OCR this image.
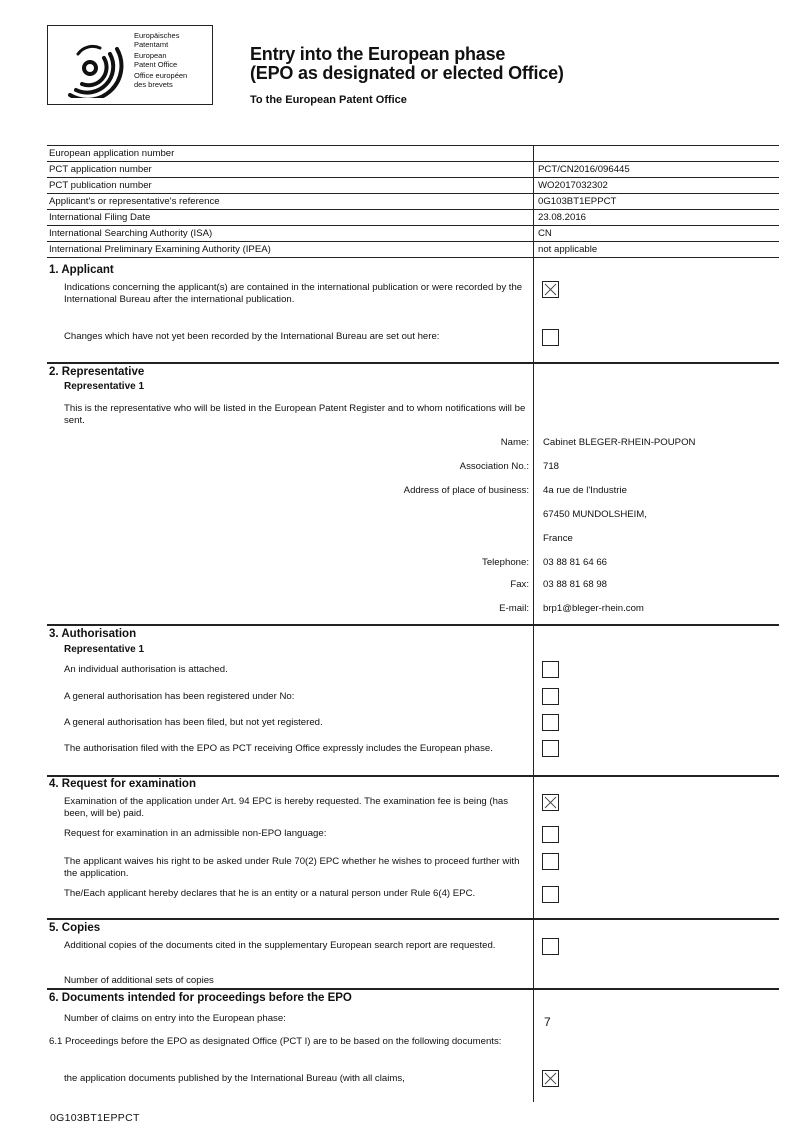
Europäisches
Patentamt
European
Patent Office
Office européen
des brevets
Entry into the European phase
(EPO as designated or elected Office)
To the European Patent Office
European application number
PCT application number	PCT/CN2016/096445
PCT publication number	WO2017032302
Applicant's or representative's reference	0G103BT1EPPCT
International Filing Date	23.08.2016
International Searching Authority (ISA)	CN
International Preliminary Examining Authority (IPEA)	not applicable
1. Applicant
Indications concerning the applicant(s) are contained in the international publication or were recorded by the International Bureau after the international publication.
Changes which have not yet been recorded by the International Bureau are set out here:
2. Representative
Representative 1
This is the representative who will be listed in the European Patent Register and to whom notifications will be sent.
Name: Cabinet BLEGER-RHEIN-POUPON
Association No.: 718
Address of place of business: 4a rue de l'Industrie
67450 MUNDOLSHEIM,
France
Telephone: 03 88 81 64 66
Fax: 03 88 81 68 98
E-mail: brp1@bleger-rhein.com
3. Authorisation
Representative 1
An individual authorisation is attached.
A general authorisation has been registered under No:
A general authorisation has been filed, but not yet registered.
The authorisation filed with the EPO as PCT receiving Office expressly includes the European phase.
4. Request for examination
Examination of the application under Art. 94 EPC is hereby requested. The examination fee is being (has been, will be) paid.
Request for examination in an admissible non-EPO language:
The applicant waives his right to be asked under Rule 70(2) EPC whether he wishes to proceed further with the application.
The/Each applicant hereby declares that he is an entity or a natural person under Rule 6(4) EPC.
5. Copies
Additional copies of the documents cited in the supplementary European search report are requested.
Number of additional sets of copies
6. Documents intended for proceedings before the EPO
Number of claims on entry into the European phase:	7
6.1 Proceedings before the EPO as designated Office (PCT I) are to be based on the following documents:
the application documents published by the International Bureau (with all claims,
0G103BT1EPPCT
